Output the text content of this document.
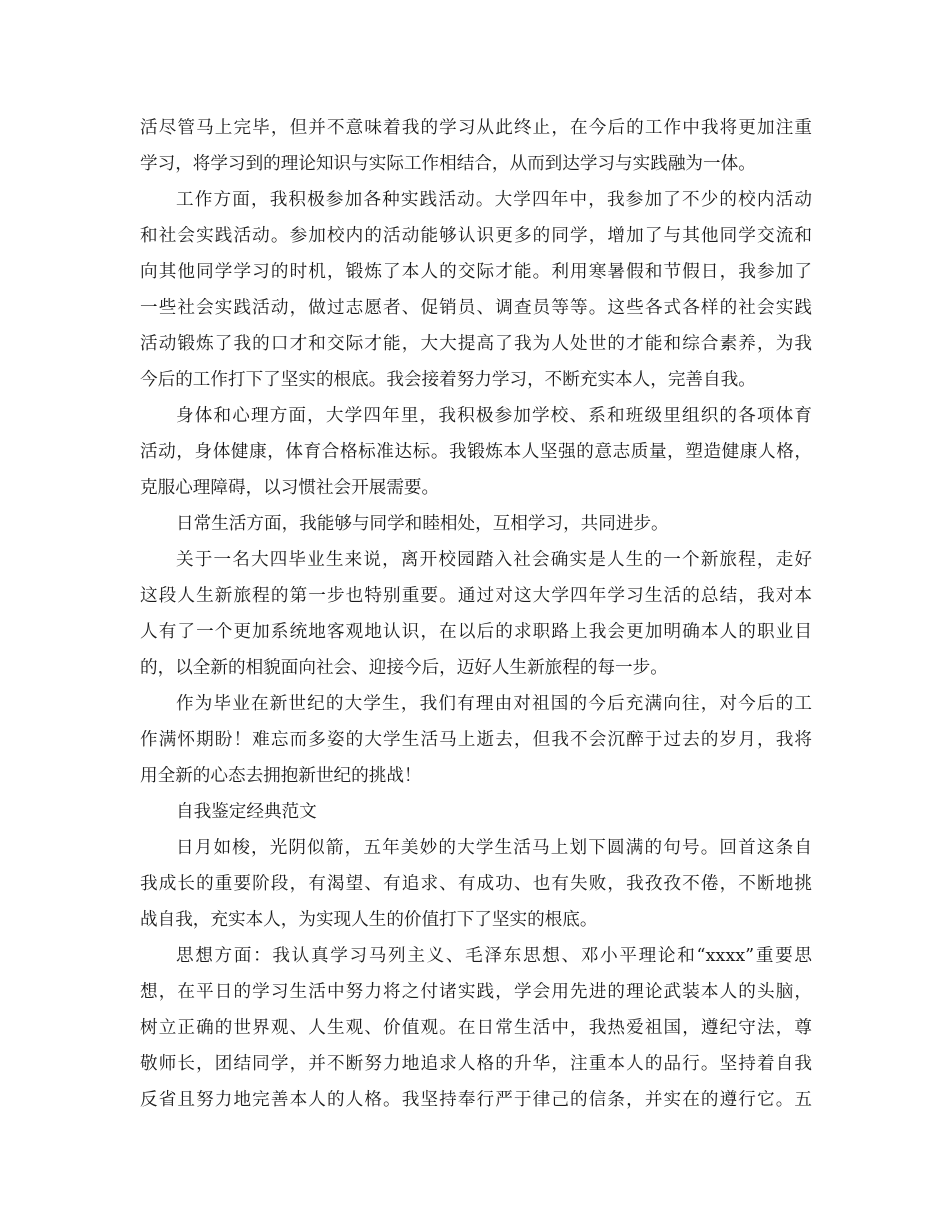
活尽管马上完毕，但并不意味着我的学习从此终止，在今后的工作中我将更加注重
学习，将学习到的理论知识与实际工作相结合，从而到达学习与实践融为一体。
工作方面，我积极参加各种实践活动。大学四年中，我参加了不少的校内活动
和社会实践活动。参加校内的活动能够认识更多的同学，增加了与其他同学交流和
向其他同学学习的时机，锻炼了本人的交际才能。利用寒暑假和节假日，我参加了
一些社会实践活动，做过志愿者、促销员、调查员等等。这些各式各样的社会实践
活动锻炼了我的口才和交际才能，大大提高了我为人处世的才能和综合素养，为我
今后的工作打下了坚实的根底。我会接着努力学习，不断充实本人，完善自我。
身体和心理方面，大学四年里，我积极参加学校、系和班级里组织的各项体育
活动，身体健康，体育合格标准达标。我锻炼本人坚强的意志质量，塑造健康人格，
克服心理障碍，以习惯社会开展需要。
日常生活方面，我能够与同学和睦相处，互相学习，共同进步。
关于一名大四毕业生来说，离开校园踏入社会确实是人生的一个新旅程，走好
这段人生新旅程的第一步也特别重要。通过对这大学四年学习生活的总结，我对本
人有了一个更加系统地客观地认识，在以后的求职路上我会更加明确本人的职业目
的，以全新的相貌面向社会、迎接今后，迈好人生新旅程的每一步。
作为毕业在新世纪的大学生，我们有理由对祖国的今后充满向往，对今后的工
作满怀期盼！难忘而多姿的大学生活马上逝去，但我不会沉醉于过去的岁月，我将
用全新的心态去拥抱新世纪的挑战！
自我鉴定经典范文
日月如梭，光阴似箭，五年美妙的大学生活马上划下圆满的句号。回首这条自
我成长的重要阶段，有渴望、有追求、有成功、也有失败，我孜孜不倦，不断地挑
战自我，充实本人，为实现人生的价值打下了坚实的根底。
思想方面：我认真学习马列主义、毛泽东思想、邓小平理论和“xxxx”重要思
想，在平日的学习生活中努力将之付诸实践，学会用先进的理论武装本人的头脑，
树立正确的世界观、人生观、价值观。在日常生活中，我热爱祖国，遵纪守法，尊
敬师长，团结同学，并不断努力地追求人格的升华，注重本人的品行。坚持着自我
反省且努力地完善本人的人格。我坚持奉行严于律己的信条，并实在的遵行它。五
